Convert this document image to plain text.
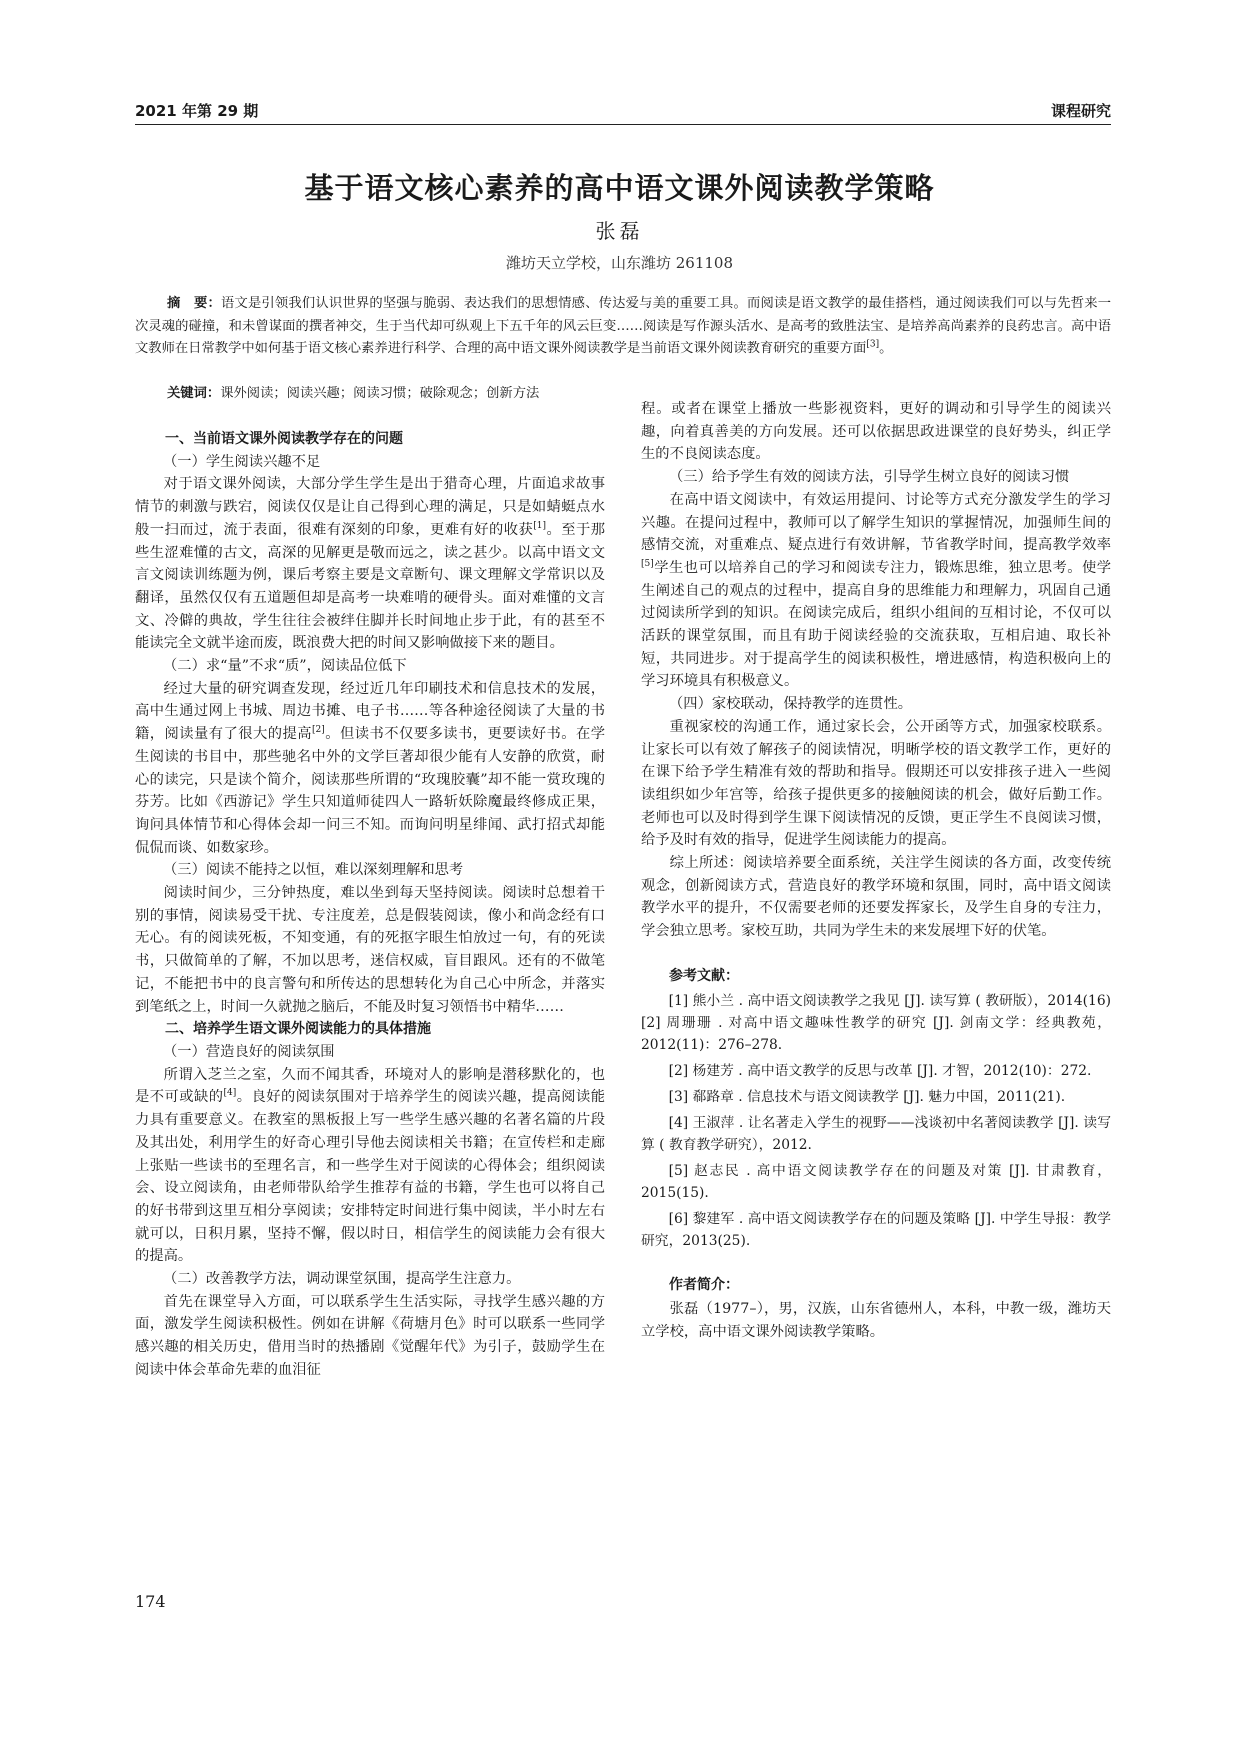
2021 年第 29 期	课程研究
基于语文核心素养的高中语文课外阅读教学策略
张磊
潍坊天立学校，山东潍坊 261108
摘　要：语文是引领我们认识世界的坚强与脆弱、表达我们的思想情感、传达爱与美的重要工具。而阅读是语文教学的最佳搭档，通过阅读我们可以与先哲来一次灵魂的碰撞，和未曾谋面的撰者神交，生于当代却可纵观上下五千年的风云巨变……阅读是写作源头活水、是高考的致胜法宝、是培养高尚素养的良药忠言。高中语文教师在日常教学中如何基于语文核心素养进行科学、合理的高中语文课外阅读教学是当前语文课外阅读教育研究的重要方面[3]。
关键词：课外阅读；阅读兴趣；阅读习惯；破除观念；创新方法

一、当前语文课外阅读教学存在的问题

（一）学生阅读兴趣不足

对于语文课外阅读，大部分学生学生是出于猎奇心理，片面追求故事情节的刺激与跌宕，阅读仅仅是让自己得到心理的满足，只是如蜻蜓点水般一扫而过，流于表面，很难有深刻的印象，更难有好的收获[1]。至于那些生涩难懂的古文，高深的见解更是敬而远之，读之甚少。以高中语文文言文阅读训练题为例，课后考察主要是文章断句、课文理解文学常识以及翻译，虽然仅仅有五道题但却是高考一块难啃的硬骨头。面对难懂的文言文、冷僻的典故，学生往往会被绊住脚并长时间地止步于此，有的甚至不能读完全文就半途而废，既浪费大把的时间又影响做接下来的题目。

（二）求“量”不求“质”，阅读品位低下

经过大量的研究调查发现，经过近几年印刷技术和信息技术的发展，高中生通过网上书城、周边书摊、电子书……等各种途径阅读了大量的书籍，阅读量有了很大的提高[2]。但读书不仅要多读书，更要读好书。在学生阅读的书目中，那些驰名中外的文学巨著却很少能有人安静的欣赏，耐心的读完，只是读个简介，阅读那些所谓的“玫瑰胶囊”却不能一赏玫瑰的芬芳。比如《西游记》学生只知道师徒四人一路斩妖除魔最终修成正果，询问具体情节和心得体会却一问三不知。而询问明星绯闻、武打招式却能侃侃而谈、如数家珍。

（三）阅读不能持之以恒，难以深刻理解和思考

阅读时间少，三分钟热度，难以坐到每天坚持阅读。阅读时总想着干别的事情，阅读易受干扰、专注度差，总是假装阅读，像小和尚念经有口无心。有的阅读死板，不知变通，有的死抠字眼生怕放过一句，有的死读书，只做简单的了解，不加以思考，迷信权威，盲目跟风。还有的不做笔记，不能把书中的良言警句和所传达的思想转化为自己心中所念，并落实到笔纸之上，时间一久就抛之脑后，不能及时复习领悟书中精华……

二、培养学生语文课外阅读能力的具体措施

（一）营造良好的阅读氛围

所谓入芝兰之室，久而不闻其香，环境对人的影响是潜移默化的，也是不可或缺的[4]。良好的阅读氛围对于培养学生的阅读兴趣，提高阅读能力具有重要意义。在教室的黑板报上写一些学生感兴趣的名著名篇的片段及其出处，利用学生的好奇心理引导他去阅读相关书籍；在宣传栏和走廊上张贴一些读书的至理名言，和一些学生对于阅读的心得体会；组织阅读会、设立阅读角，由老师带队给学生推荐有益的书籍，学生也可以将自己的好书带到这里互相分享阅读；安排特定时间进行集中阅读，半小时左右就可以，日积月累，坚持不懈，假以时日，相信学生的阅读能力会有很大的提高。

（二）改善教学方法，调动课堂氛围，提高学生注意力。

首先在课堂导入方面，可以联系学生生活实际，寻找学生感兴趣的方面，激发学生阅读积极性。例如在讲解《荷塘月色》时可以联系一些同学感兴趣的相关历史，借用当时的热播剧《觉醒年代》为引子，鼓励学生在阅读中体会革命先辈的血泪征

程。或者在课堂上播放一些影视资料，更好的调动和引导学生的阅读兴趣，向着真善美的方向发展。还可以依据思政进课堂的良好势头，纠正学生的不良阅读态度。

（三）给予学生有效的阅读方法，引导学生树立良好的阅读习惯

在高中语文阅读中，有效运用提问、讨论等方式充分激发学生的学习兴趣。在提问过程中，教师可以了解学生知识的掌握情况，加强师生间的感情交流，对重难点、疑点进行有效讲解，节省教学时间，提高教学效率[5]学生也可以培养自己的学习和阅读专注力，锻炼思维，独立思考。使学生阐述自己的观点的过程中，提高自身的思维能力和理解力，巩固自己通过阅读所学到的知识。在阅读完成后，组织小组间的互相讨论，不仅可以活跃的课堂氛围，而且有助于阅读经验的交流获取，互相启迪、取长补短，共同进步。对于提高学生的阅读积极性，增进感情，构造积极向上的学习环境具有积极意义。

（四）家校联动，保持教学的连贯性。

重视家校的沟通工作，通过家长会，公开函等方式，加强家校联系。让家长可以有效了解孩子的阅读情况，明晰学校的语文教学工作，更好的在课下给予学生精准有效的帮助和指导。假期还可以安排孩子进入一些阅读组织如少年宫等，给孩子提供更多的接触阅读的机会，做好后勤工作。老师也可以及时得到学生课下阅读情况的反馈，更正学生不良阅读习惯，给予及时有效的指导，促进学生阅读能力的提高。

综上所述：阅读培养要全面系统，关注学生阅读的各方面，改变传统观念，创新阅读方式，营造良好的教学环境和氛围，同时，高中语文阅读教学水平的提升，不仅需要老师的还要发挥家长，及学生自身的专注力，学会独立思考。家校互助，共同为学生未的来发展埋下好的伏笔。

参考文献：

[1] 熊小兰 . 高中语文阅读教学之我见 [J]. 读写算 ( 教研版），2014(16)[2] 周珊珊 . 对高中语文趣味性教学的研究 [J]. 剑南文学：经典教苑，2012(11)：276–278.

[2] 杨建芳 . 高中语文教学的反思与改革 [J]. 才智，2012(10)：272.

[3] 郗路章 . 信息技术与语文阅读教学 [J]. 魅力中国，2011(21).

[4] 王淑萍 . 让名著走入学生的视野——浅谈初中名著阅读教学 [J]. 读写算 ( 教育教学研究），2012.

[5] 赵志民 . 高中语文阅读教学存在的问题及对策 [J]. 甘肃教育，2015(15).

[6] 黎建军 . 高中语文阅读教学存在的问题及策略 [J]. 中学生导报：教学研究，2013(25).

作者简介：

张磊（1977–），男，汉族，山东省德州人，本科，中教一级，潍坊天立学校，高中语文课外阅读教学策略。

174
